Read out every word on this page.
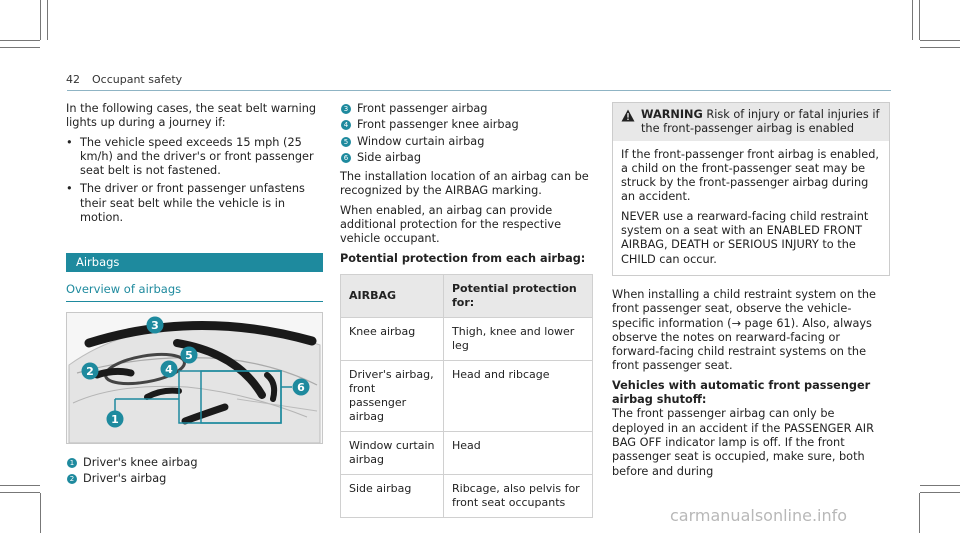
42 Occupant safety

In the following cases, the seat belt warning lights up during a journey if:

• The vehicle speed exceeds 15 mph (25 km/h) and the driver's or front passenger seat belt is not fastened.
• The driver or front passenger unfastens their seat belt while the vehicle is in motion.
Airbags
Overview of airbags
3
2	4
5
6
1
1 Driver's knee airbag
2 Driver's airbag
3 Front passenger airbag
4 Front passenger knee airbag
5 Window curtain airbag
6 Side airbag

The installation location of an airbag can be recognized by the AIRBAG marking.

When enabled, an airbag can provide additional protection for the respective vehicle occupant.

Potential protection from each airbag:
AIRBAG	Potential protection for:
Knee airbag	Thigh, knee and lower leg
Driver's airbag, front passenger airbag	Head and ribcage
Window curtain airbag	Head
Side airbag	Ribcage, also pelvis for front seat occupants
WARNING Risk of injury or fatal injuries if the front-passenger airbag is enabled

If the front-passenger front airbag is enabled, a child on the front-passenger seat may be struck by the front-passenger airbag during an accident.

NEVER use a rearward-facing child restraint system on a seat with an ENABLED FRONT AIRBAG, DEATH or SERIOUS INJURY to the CHILD can occur.

When installing a child restraint system on the front passenger seat, observe the vehicle-specific information (→ page 61). Also, always observe the notes on rearward-facing or forward-facing child restraint systems on the front passenger seat.

Vehicles with automatic front passenger airbag shutoff:

The front passenger airbag can only be deployed in an accident if the PASSENGER AIR BAG OFF indicator lamp is off. If the front passenger seat is occupied, make sure, both before and during

carmanualsonline.info
